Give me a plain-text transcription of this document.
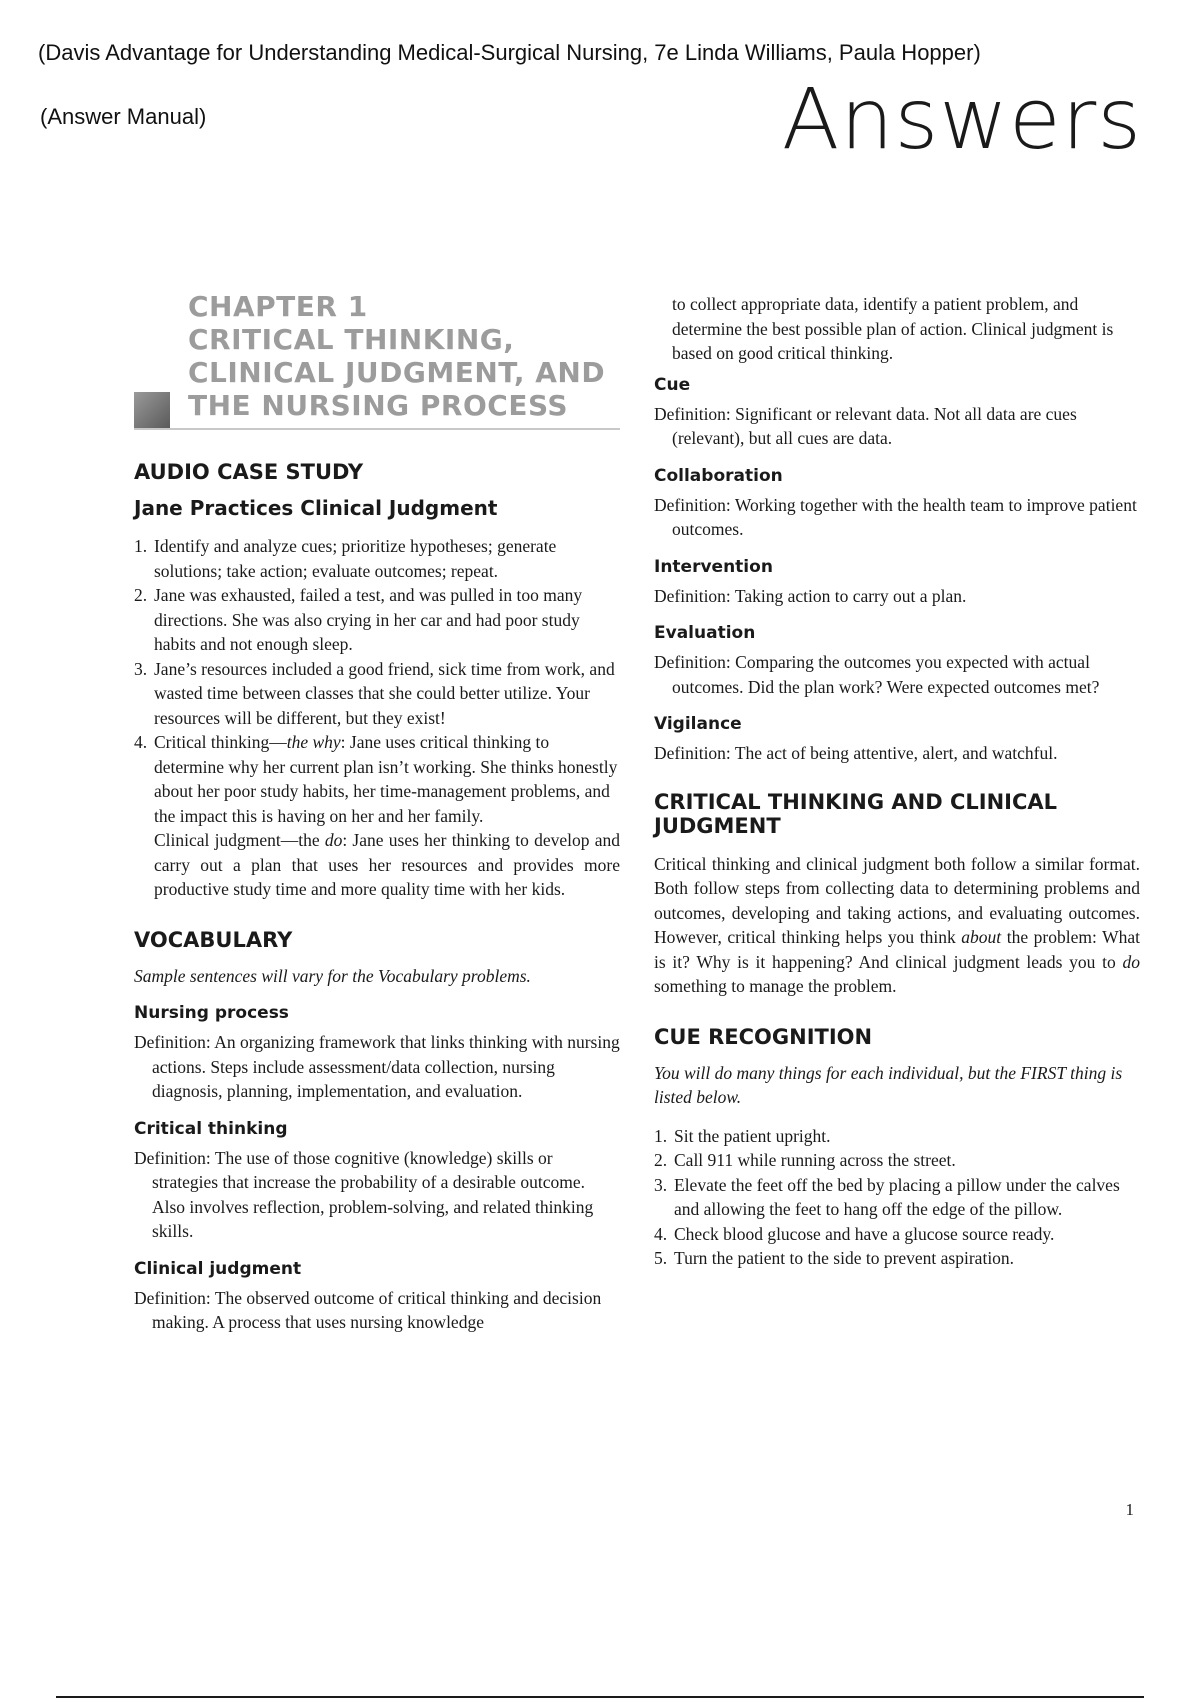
(Davis Advantage for Understanding Medical-Surgical Nursing, 7e Linda Williams, Paula Hopper)
(Answer Manual)	Answers
CHAPTER 1
CRITICAL THINKING,
CLINICAL JUDGMENT, AND
THE NURSING PROCESS
AUDIO CASE STUDY
Jane Practices Clinical Judgment
1. Identify and analyze cues; prioritize hypotheses; generate solutions; take action; evaluate outcomes; repeat.
2. Jane was exhausted, failed a test, and was pulled in too many directions. She was also crying in her car and had poor study habits and not enough sleep.
3. Jane’s resources included a good friend, sick time from work, and wasted time between classes that she could better utilize. Your resources will be different, but they exist!
4. Critical thinking—the why: Jane uses critical thinking to determine why her current plan isn’t working. She thinks honestly about her poor study habits, her time-management problems, and the impact this is having on her and her family.

Clinical judgment—the do: Jane uses her thinking to develop and carry out a plan that uses her resources and provides more productive study time and more quality time with her kids.

VOCABULARY

Sample sentences will vary for the Vocabulary problems.

Nursing process

Definition: An organizing framework that links thinking with nursing actions. Steps include assessment/data collection, nursing diagnosis, planning, implementation, and evaluation.

Critical thinking

Definition: The use of those cognitive (knowledge) skills or strategies that increase the probability of a desirable outcome. Also involves reflection, problem-solving, and related thinking skills.

Clinical judgment

Definition: The observed outcome of critical thinking and decision making. A process that uses nursing knowledge

to collect appropriate data, identify a patient problem, and determine the best possible plan of action. Clinical judgment is based on good critical thinking.

Cue

Definition: Significant or relevant data. Not all data are cues (relevant), but all cues are data.

Collaboration

Definition: Working together with the health team to improve patient outcomes.

Intervention

Definition: Taking action to carry out a plan.

Evaluation

Definition: Comparing the outcomes you expected with actual outcomes. Did the plan work? Were expected outcomes met?

Vigilance

Definition: The act of being attentive, alert, and watchful.

CRITICAL THINKING AND CLINICAL
JUDGMENT

Critical thinking and clinical judgment both follow a similar format. Both follow steps from collecting data to determining problems and outcomes, developing and taking actions, and evaluating outcomes. However, critical thinking helps you think about the problem: What is it? Why is it happening? And clinical judgment leads you to do something to manage the problem.

CUE RECOGNITION

You will do many things for each individual, but the FIRST thing is listed below.

1. Sit the patient upright.
2. Call 911 while running across the street.
3. Elevate the feet off the bed by placing a pillow under the calves and allowing the feet to hang off the edge of the pillow.
4. Check blood glucose and have a glucose source ready.
5. Turn the patient to the side to prevent aspiration.
1
